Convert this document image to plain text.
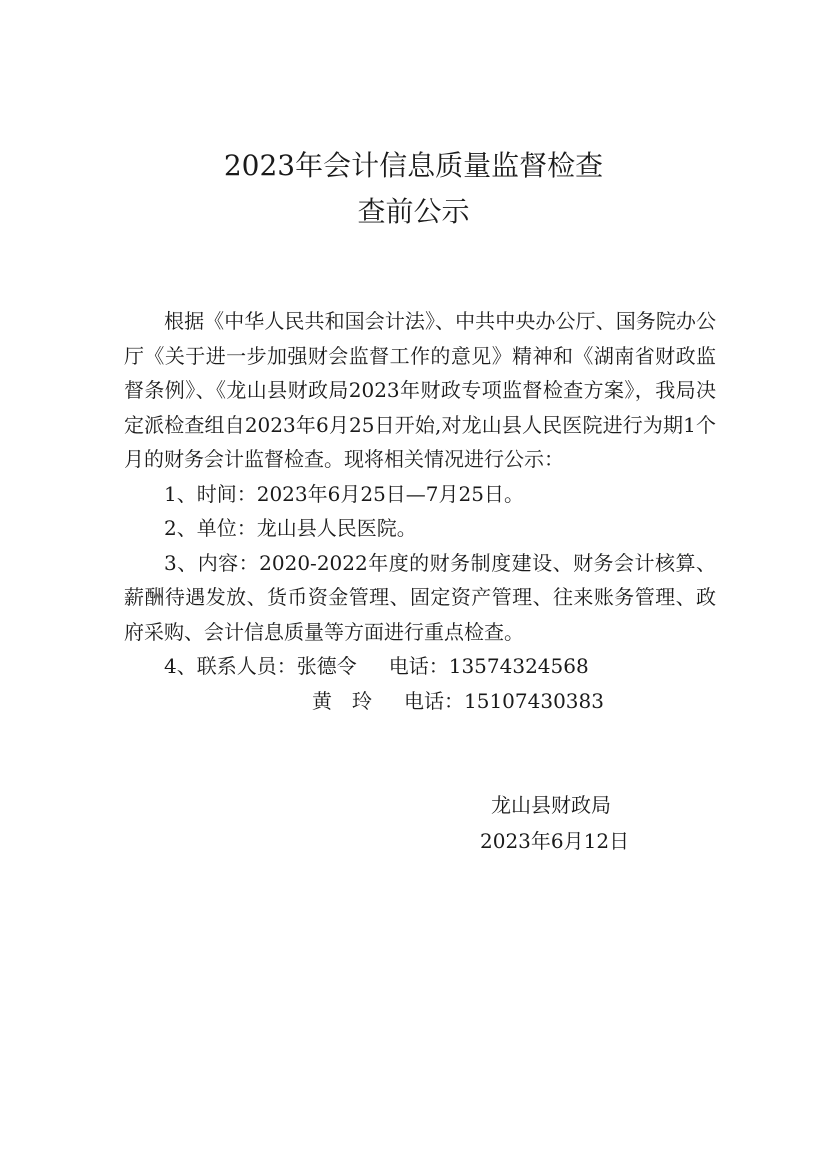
2023年会计信息质量监督检查
查前公示

根据《中华人民共和国会计法》、中共中央办公厅、国务院办公厅《关于进一步加强财会监督工作的意见》精神和《湖南省财政监督条例》、《龙山县财政局2023年财政专项监督检查方案》，我局决定派检查组自2023年6月25日开始,对龙山县人民医院进行为期1个月的财务会计监督检查。现将相关情况进行公示：

1、时间：2023年6月25日—7月25日。

2、单位：龙山县人民医院。

3、内容：2020-2022年度的财务制度建设、财务会计核算、薪酬待遇发放、货币资金管理、固定资产管理、往来账务管理、政府采购、会计信息质量等方面进行重点检查。

4、联系人员：张德令 电话：13574324568

黄　玲 电话：15107430383

龙山县财政局
2023年6月12日
